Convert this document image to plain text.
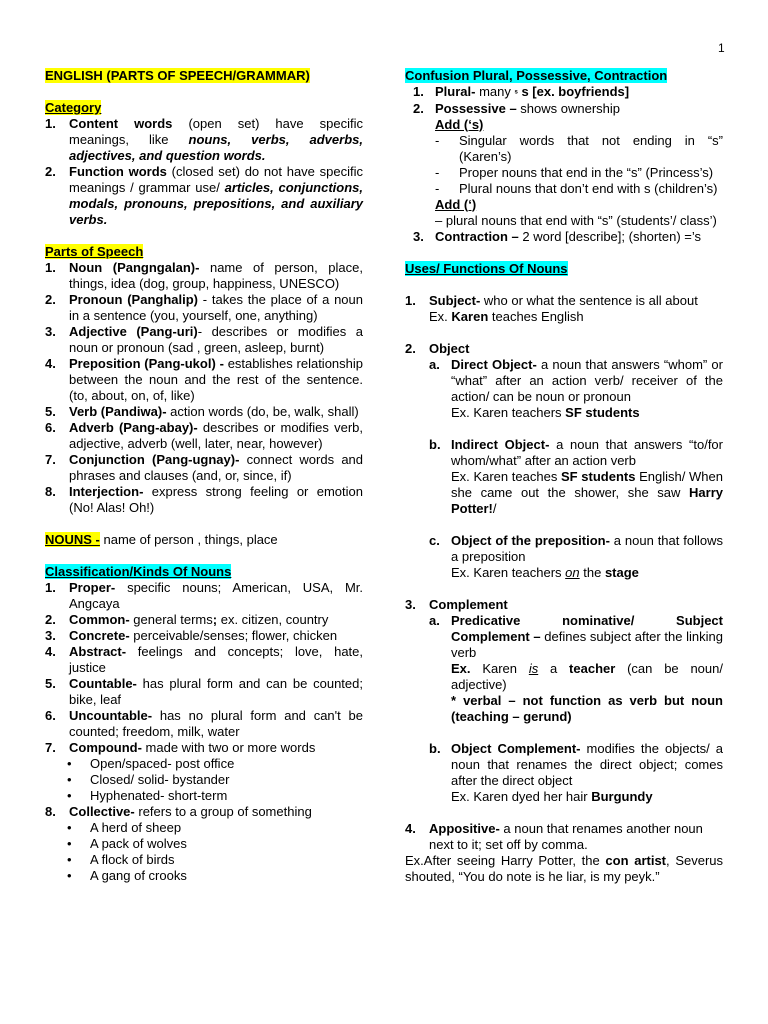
1
ENGLISH (PARTS OF SPEECH/GRAMMAR)
Category
1. Content words (open set) have specific meanings, like nouns, verbs, adverbs, adjectives, and question words.
2. Function words (closed set) do not have specific meanings / grammar use/ articles, conjunctions, modals, pronouns, prepositions, and auxiliary verbs.
Parts of Speech
1. Noun (Pangngalan)- name of person, place, things, idea (dog, group, happiness, UNESCO)
2. Pronoun (Panghalip) - takes the place of a noun in a sentence (you, yourself, one, anything)
3. Adjective (Pang-uri)- describes or modifies a noun or pronoun (sad , green, asleep, burnt)
4. Preposition (Pang-ukol) - establishes relationship between the noun and the rest of the sentence. (to, about, on, of, like)
5. Verb (Pandiwa)- action words (do, be, walk, shall)
6. Adverb (Pang-abay)- describes or modifies verb, adjective, adverb (well, later, near, however)
7. Conjunction (Pang-ugnay)- connect words and phrases and clauses (and, or, since, if)
8. Interjection- express strong feeling or emotion (No! Alas! Oh!)
NOUNS - name of person , things, place
Classification/Kinds Of Nouns
1. Proper- specific nouns; American, USA, Mr. Angcaya
2. Common- general terms; ex. citizen, country
3. Concrete- perceivable/senses; flower, chicken
4. Abstract- feelings and concepts; love, hate, justice
5. Countable- has plural form and can be counted; bike, leaf
6. Uncountable- has no plural form and can't be counted; freedom, milk, water
7. Compound- made with two or more words
• Open/spaced- post office
• Closed/ solid- bystander
• Hyphenated- short-term
8. Collective- refers to a group of something
• A herd of sheep
• A pack of wolves
• A flock of birds
• A gang of crooks
Confusion Plural, Possessive, Contraction
1. Plural- many s s [ex. boyfriends]
2. Possessive – shows ownership
Add (‘s)
- Singular words that not ending in “s” (Karen’s)
- Proper nouns that end in the “s” (Princess’s)
- Plural nouns that don’t end with s (children’s)
Add (‘)
– plural nouns that end with “s” (students’/ class’)
3. Contraction – 2 word [describe]; (shorten) =’s
Uses/ Functions Of Nouns
1. Subject- who or what the sentence is all about
Ex. Karen teaches English
2. Object
a. Direct Object- a noun that answers “whom” or “what” after an action verb/ receiver of the action/ can be noun or pronoun
Ex. Karen teachers SF students
b. Indirect Object- a noun that answers “to/for whom/what” after an action verb
Ex. Karen teaches SF students English/ When she came out the shower, she saw Harry Potter!/
c. Object of the preposition- a noun that follows a preposition
Ex. Karen teachers on the stage
3. Complement
a. Predicative nominative/ Subject Complement – defines subject after the linking verb
Ex. Karen is a teacher (can be noun/ adjective)
* verbal – not function as verb but noun (teaching – gerund)
b. Object Complement- modifies the objects/ a noun that renames the direct object; comes after the direct object
Ex. Karen dyed her hair Burgundy
4. Appositive- a noun that renames another noun next to it; set off by comma.
Ex.After seeing Harry Potter, the con artist, Severus shouted, “You do note is he liar, is my peyk.”
